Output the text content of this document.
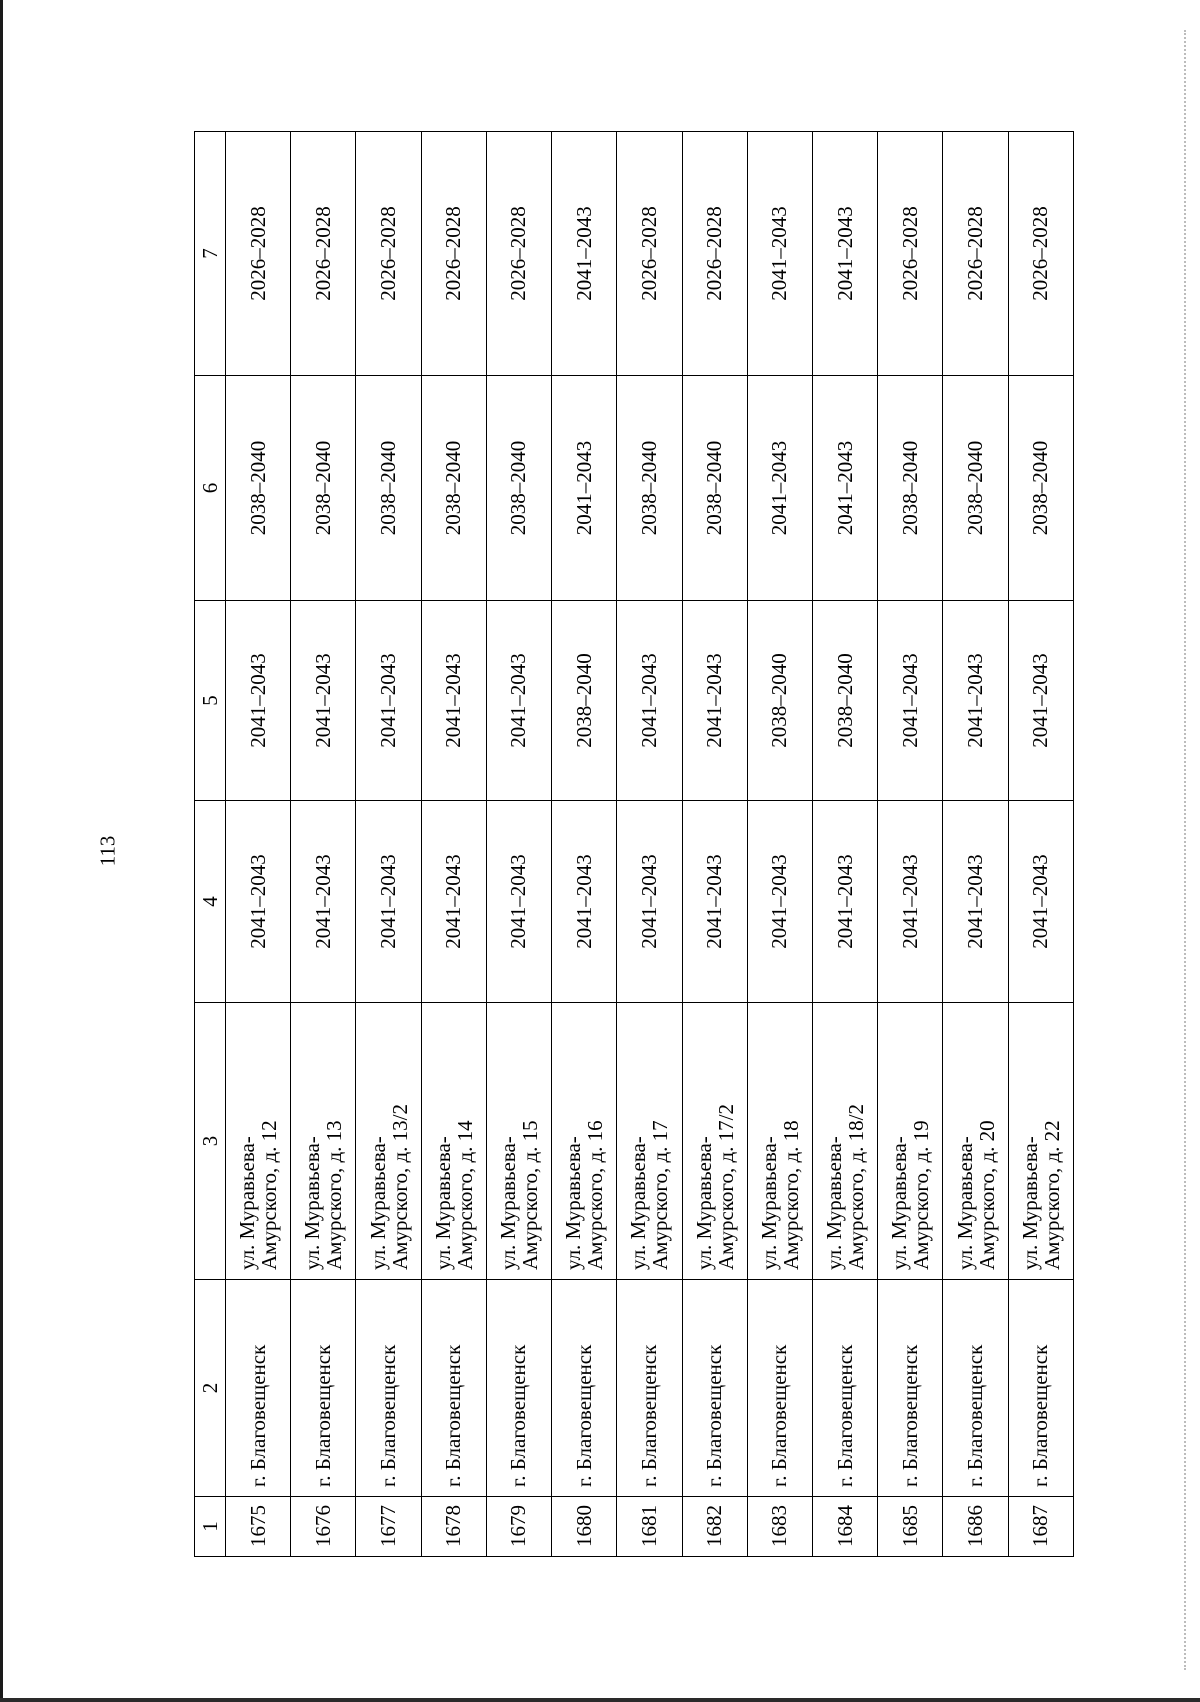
113
1	2	3	4	5	6	7
1675	г. Благовещенск	ул. Муравьева-
Амурского, д. 12	2041–2043	2041–2043	2038–2040	2026–2028
1676	г. Благовещенск	ул. Муравьева-
Амурского, д. 13	2041–2043	2041–2043	2038–2040	2026–2028
1677	г. Благовещенск	ул. Муравьева-
Амурского, д. 13/2	2041–2043	2041–2043	2038–2040	2026–2028
1678	г. Благовещенск	ул. Муравьева-
Амурского, д. 14	2041–2043	2041–2043	2038–2040	2026–2028
1679	г. Благовещенск	ул. Муравьева-
Амурского, д. 15	2041–2043	2041–2043	2038–2040	2026–2028
1680	г. Благовещенск	ул. Муравьева-
Амурского, д. 16	2041–2043	2038–2040	2041–2043	2041–2043
1681	г. Благовещенск	ул. Муравьева-
Амурского, д. 17	2041–2043	2041–2043	2038–2040	2026–2028
1682	г. Благовещенск	ул. Муравьева-
Амурского, д. 17/2	2041–2043	2041–2043	2038–2040	2026–2028
1683	г. Благовещенск	ул. Муравьева-
Амурского, д. 18	2041–2043	2038–2040	2041–2043	2041–2043
1684	г. Благовещенск	ул. Муравьева-
Амурского, д. 18/2	2041–2043	2038–2040	2041–2043	2041–2043
1685	г. Благовещенск	ул. Муравьева-
Амурского, д. 19	2041–2043	2041–2043	2038–2040	2026–2028
1686	г. Благовещенск	ул. Муравьева-
Амурского, д. 20	2041–2043	2041–2043	2038–2040	2026–2028
1687	г. Благовещенск	ул. Муравьева-
Амурского, д. 22	2041–2043	2041–2043	2038–2040	2026–2028
